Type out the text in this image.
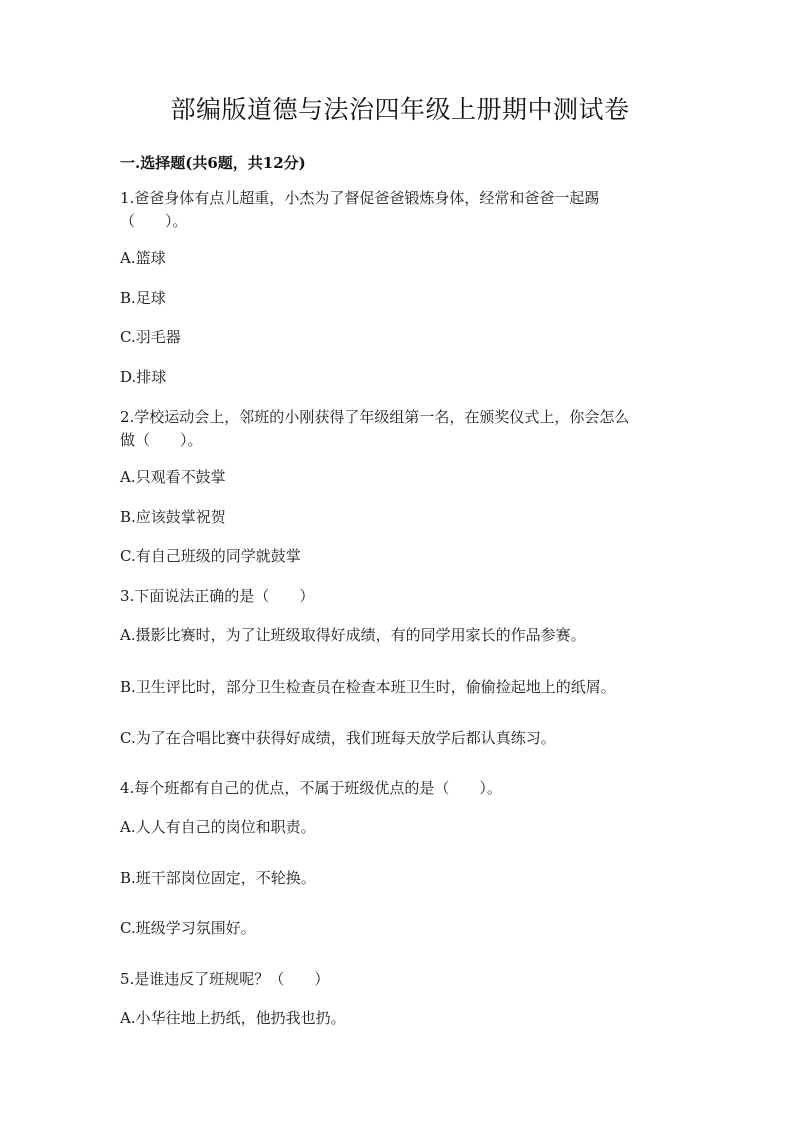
部编版道德与法治四年级上册期中测试卷
一.选择题(共6题，共12分)
1.爸爸身体有点儿超重，小杰为了督促爸爸锻炼身体，经常和爸爸一起踢
（　　）。
A.篮球
B.足球
C.羽毛器
D.排球
2.学校运动会上，邻班的小刚获得了年级组第一名，在颁奖仪式上，你会怎么
做（　　）。
A.只观看不鼓掌
B.应该鼓掌祝贺
C.有自己班级的同学就鼓掌
3.下面说法正确的是（　　）
A.摄影比赛时，为了让班级取得好成绩，有的同学用家长的作品参赛。
B.卫生评比时，部分卫生检查员在检查本班卫生时，偷偷捡起地上的纸屑。
C.为了在合唱比赛中获得好成绩，我们班每天放学后都认真练习。
4.每个班都有自己的优点，不属于班级优点的是（　　）。
A.人人有自己的岗位和职责。
B.班干部岗位固定，不轮换。
C.班级学习氛围好。
5.是谁违反了班规呢？（　　）
A.小华往地上扔纸，他扔我也扔。
